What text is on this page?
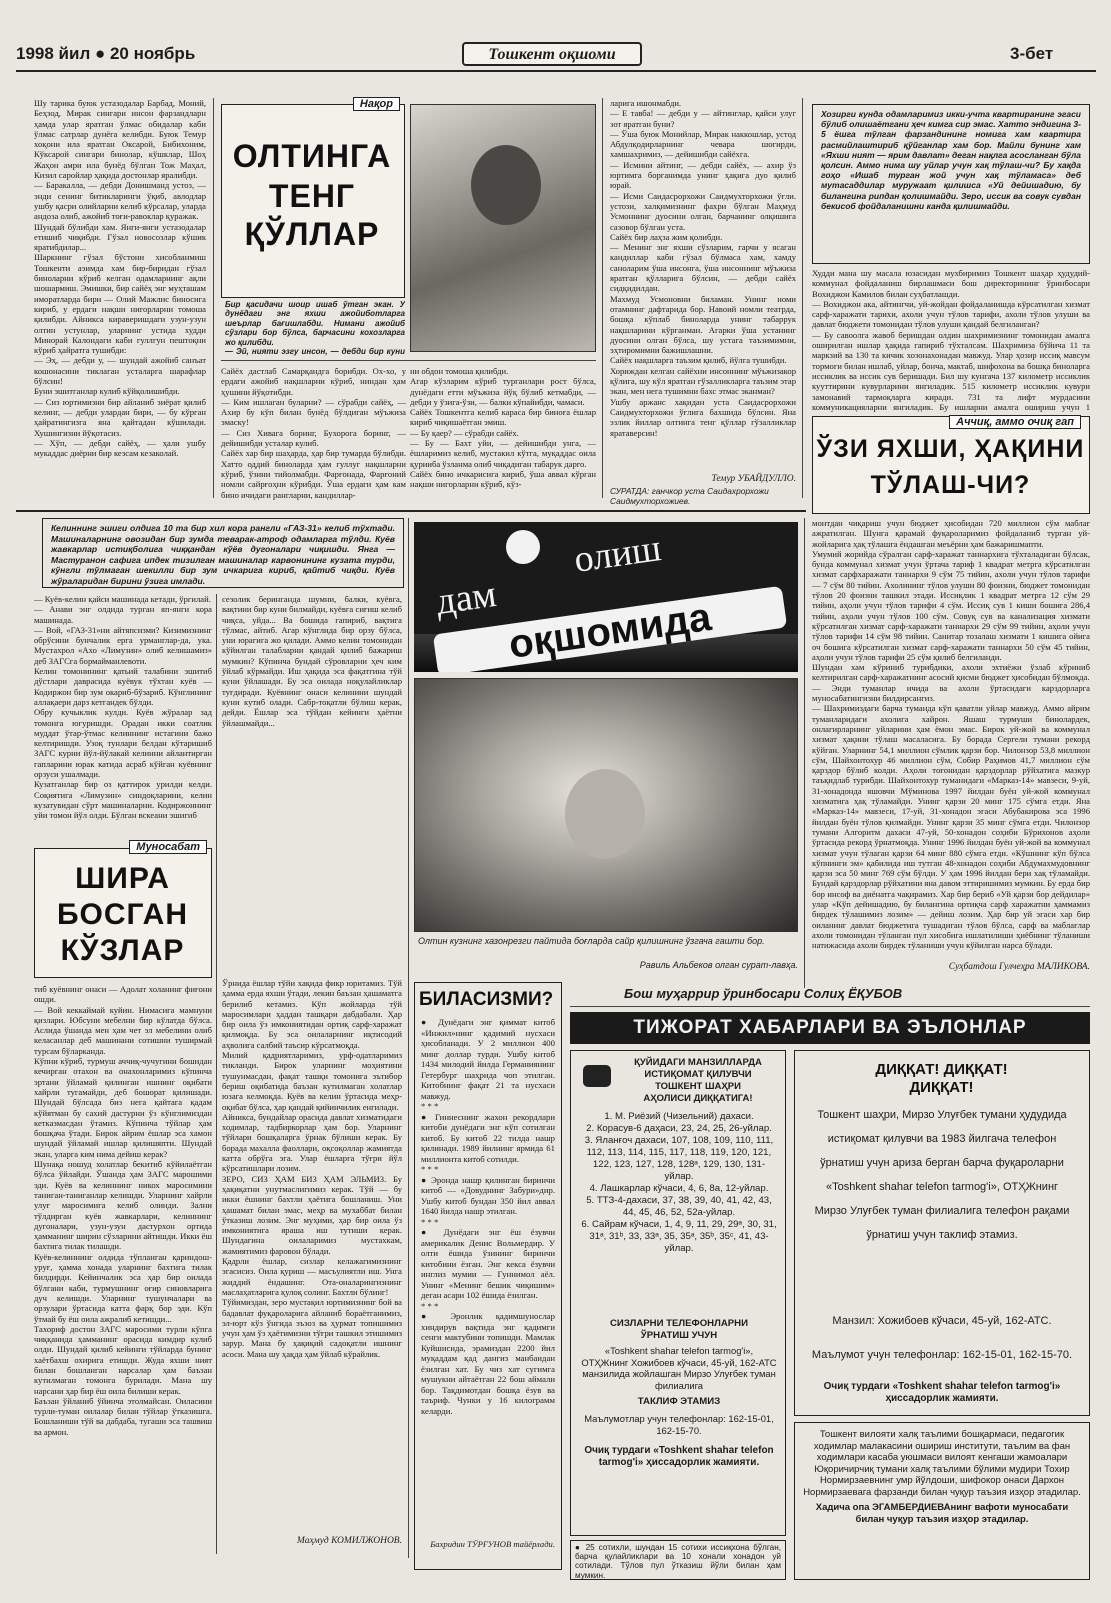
1998 йил ● 20 ноябрь	Тошкент оқшоми	3-бет
Шу тарика буюк устазодалар Барбад, Моний, Беҳзод, Мирак сингари инсон фарзандларн ҳамда улар яратган ўлмас обидалар каби ўлмас сатрлар дунёга келибди. Буюк Темур хоқони ила яратган Оксарой, Бибихоним, Кўксарой сингари бинолар, кўшклар, Шоҳ Жаҳон амри ила бунёд бўлган Тож Маҳал, Кизил саройлар ҳақида достонлар яралибди.
— Баракалла, — дебди Донишманд устоз, — энди сенинг битикларинги ўқиб, авлодлар ушбу қасри олийларни келиб кўрсалар, уларда андоза олиб, ажойиб тоғи-равоклар қуражак.
Шундай бўлибди хам. Янги-янги устазодалар етишиб чиқибди. Гўзал новосозлар кўшик яратибдилар...
Шаркнинг гўзал бўстони хисобланмиш Тошкенти аэимда хам бир-биридан гўзал биноларни кўриб келган одамларнинг ақли шошармиш. Эмишки, бир сайёҳ энг муҳташам иморатларда бири — Олий Мажлис биносига кириб, у ердаги нақши нигорларни томоша қилибди. Айникса кираверишдаги узун-узун олтин устунлар, уларнинг устида худди Минорай Калондаги каби гуллгун пештоқни кўриб ҳайратга тушибди:
— Эҳ, — дебди у, — шундай ажойиб санъат кошонасини тиклаган усталарга шарафлар бўлсин!
Буни эшитганлар кулиб кўйқолишибди.
— Сиз юртимизни бир айланиб зиёрат қилиб келинг, — дебди улардан бири, — бу кўрган ҳайратингизга яна қайтадан кўшилади. Хушингизни йўқотасиз.
— Хўп, — дебди сайёҳ, — ҳали ушбу мукаддас диёрни бир кезсам кезаколай.
Нақор
ОЛТИНГА
ТЕНГ ҚЎЛЛАР
Бир қасидачи шоир ишаб ўтган экан. У дунёдаги энг яхши ажойиботларга шеърлар бағишлабди. Нимани ажойиб сўзлари бор бўлса, барчасини кохозларга жо қилибди.
— Эй, нияти эзгу инсон, — дебди бир куни
Сайёх дастлаб Самарқандга борибди. Ох-хо, у ердаги ажойиб нақшларни кўриб, ниндан ҳам ҳушини йўқотибди.
— Ким ишлаган буларни? — сўрабди сайёҳ, — Ахир бу кўп билан бунёд бўлдиган мўъжиза эмаску!
— Сиз Хивага боринг, Бухорога боринг, — дейишибди усталар кулиб.
Сайёх хар бир шаҳарда, ҳар бир тумарда бўлибди. Хатто оддий биноларда ҳам гуллуг нақшларни кўриб, ўзини тийолмабди. Фарғонада, Фарғоний номли сайрғоҳни кўрибди. Ўша ердаги ҳам кам бино ичидаги рангларни, кандиллар-
ни обдон томоша қилибди.
Агар кўзларим кўриб турганлари рост бўлса, дунёдаги етти мўъжиза йўқ бўлиб кетмабди, — дебди у ўзига-ўзи, — балки кўпайибди, чамаси.
Сайёх Тошкентга келиб караса бир биноға ёшлар кириб чиқишаётган эмиш.
— Бу қаер? — сўрабди сайёх.
— Бу — Бахт уйи, — дейишибди унга, — ёшларимиз келиб, мустакил кўтга, муқаддас оила қурииба ўзланма олиб чиқадиган табарук дарго.
Сайёх бино ичкарисига кириб, ўша аввал кўрган нақши нигорларни кўриб, кўз-
ларига ишонмабди.
— Е тавба! — дебди у — айтинглар, қайси улуг зот яратган буни?
— Ўша буюк Монийлар, Мирак наккошлар, устод Абдулқодирларнинг чевара шогирди, хамшахримиз, — дейишибди сайёхга.
— Исмини айтинг, — дебди сайёх, — ахир ўз юртимга борганимда унинг ҳақига дуо қилиб юрай.
— Исми Саидасрорхожи Саидмухторхожи ўғли. устози, халқимизнинг фахри бўлган Маҳмуд Усмоннинг дуосини олган, барчанинг олқишига сазовор бўлган уста.
Сайёх бир лаҳза жим қолибди.
— Менинг энг яхши сўзларим, гарчи у ясаган кандиллар каби гўзал бўлмаса хам, хамду саноларим ўша инсонга, ўша инсоннинг мўъжиза яратган қўлларига бўлсин, — дебди сайёх сидқидилдан.
Махмуд Усмоновни биламан. Унинг номи отамнинг дафтарида бор. Навоий номли театрда, бошқа кўплаб биноларда унинг табаррук нақшларини кўрганман. Агарки ўша устанинг дуосини олган бўлса, шу устага таъзимимни, эҳтиромимни бажишлашни.
Сайёх нақшларга таъзим қилиб, йўлга тушибди.
Хориждан келган сайёхни инсоннинг мўъжизакор қўлига, шу кўл яратган гўзалликларга таъзим этар экан, мен нега тушимни бахс этмас эканман?
Ушбу аржанс хақидан уста Саидасрорхожи Саидмухторхожи ўғлига бахшида бўлсин. Яна эзлик йиллар олтинга тенг қўллар гўзалликлар яратаверсин!
Темур УБАЙДУЛЛО.
СУРАТДА: ганчкор уста Саидахрорхожи Саидмухторхожиев.
Хозирги кунда одамларимиз икки-учта квартиранинг эгаси бўлиб олишаётгани ҳеч кимга сир эмас. Хатто эндигина 3-5 ёшга тўлган фарзандининг номига хам квартира расмийлаштириб қўйганлар хам бор. Майли бунинг хам «Яхши ният — ярим давлат» деган нақлга асосланган бўла қолсин. Аммо нима шу уйлар учун хақ тўлаш-чи? Бу хақда гоҳо «Ишаб турган жой учун хақ тўламаса» деб мутасаддилар муружаат қилишса «Уй дейишадию, бу билангина рипдан қолишмайди. Зеро, иссик ва совук сувдан бекисоб фойдаланишни канда қилишмайди.
Худди мана шу масала юзасидан мухбиримиз Тошкент шаҳар ҳудудий-коммунал фойдаланиш бирлашмаси бош директорининг ўринбосари Вохиджон Камилов билан суҳбатлашди.
— Вохиджон ака, айтингчи, уй-жойдан фойдаланишда кўрсатилган хизмат сарф-харажати тарихи, ахоли учун тўлов тарифи, ахоли тўлов улуши ва давлат бюджети томонидан тўлов улуши қандай белгиланган?
— Бу савоолга жавоб беришдан олдин шахримизнинг томонидан амалга оширилган ишлар ҳақида гапириб тўхталсам. Шахримиза бўйича 11 та маркзий ва 130 та кичик хозонахонадан мавжуд. Улар ҳозир иссиқ мавсум тормоги билан ишлаб, уйлар, бонча, мактаб, шифохона ва бошқа биноларга иссиклик ва иссик сув беришади. Бил шу кунгача 137 километр иссиклик кууттирини кувурларини янгиладик. 515 километр иссиклик кувури замонавий тармоқларга киради. 731 та лифт мурдасини коммуникацияларни янгиладик. Бу ишларни амалга ошириш учун 1
Аччиқ, аммо очиқ гап
ЎЗИ ЯХШИ, ҲАҚИНИ
ТЎЛАШ-ЧИ?
Келиннинг эшиги олдига 10 та бир хил кора рангли «ГАЗ-31» келиб тўхтади. Машиналарнинг овозидан бир зумда теварак-атроф одамларга тўлди. Куёв жавкарлар истиқболига чиққандан кўёв дугоналари чиқишди. Янга — Мастуранон сафига ипдек тизилган машиналар карвонининг кузата турди, кўнгли тўлмаган шекилли бир зум ичкарига кириб, қайтиб чиқди. Куёв жўраларидан бирини ўзига имлади.
— Куёв-келин қайси машинада кетади, ўргилай.
— Анави энг олдида турган яп-янги кора машинада.
— Вой, «ГАЗ-31»ни айтяпсизми? Кизимизнинг обрўсини бунчалик ерга урманглар-да, ука. Мустахрол «Ахо «Лимузин» олиб келишамиз» деб ЗАГСга бормайманлевоти.
Келин томонининг қатьий талабини эшитиб дўстлари давраcида куёвук тўхтан куёв — Кодиржон бир зум окариб-бўзариб. Кўнглининг аллақаери дарз кетгандек бўлди.
Обру кучыклик кулди. Куёв жўралар зад томонга югуришди. Орадан икки соатлик муддат ўтар-ўтмас келиннинг истагини бажо келтиришди. Узоқ тунлари белдан кўтаришиб ЗАГС курни йўл-йўлакай келинни айлантирган гапларини юрак катида асраб кўйган куёвнинг орзуси ушалмади.
Кузатганлар бир оз қаттирок урилди келди. Соқиятига «Лимузин» синдоқларини, келин кузатувидан сўрт машиналарни. Кодиржоннинг уйи томон йўл олди. Бўлган вскеани эшигиб
сезолик беринганда шумни, балки, куёвга, вақтини бир куни билмайди, куёвга сиғиш келиб чиқса, уйда... Ва бошида гапириб, вақтига тўлмас, айтиб. Агар кўнглида бир орзу бўлса, уни юрагига жо қилади. Аммо келин томонидан кўйилган талабларни қандай қилиб бажариш мумкин? Кўпинча бундай сўровларни ҳеч ким ўйлаб кўрмайди. Иш ҳақида эса фақатгина тўй куни ўйлашади. Бу эса оилада ноқулайликлар туғдиради. Куёвнинг онаси келинини шундай куни кутиб олади. Сабр-тоқатли бўлиш керак, дейди. Ёшлар эса тўйдан кейинги ҳаётни ўйлашмайди...
Муносабат
ШИРА
БОСГАН
КЎЗЛАР
тиб куёвнинг онаси — Адолат холанинг фиғони ошди.
— Вой кеккаймай куйин. Нимасига мамнуни қизлари. Юбсуни мебелни бир кўлатда бўлса. Аслида ўшанда мен ҳам чет эл мебелини олиб келасанлар деб машинани сотишни туширмай турсам бўларканда.
Кўпни кўриб, турмуш аччиқ-чучугини бошидан кечирган отахон ва онахонларимиз кўпинча эртани ўйламай қилинган ишнинг оқибати хайрли тугамайди, деб бошорат қилишади. Шундай бўлсада биз нега қайтага қадам кўйятман бу сахий дастурни ўз кўнглимиздан кетказмасдан ўтамиз. Кўпинча тўйлар ҳам бошқача ўтади. Бирок айрим ёшлар эса хамон шундай ўйламай ишлар қилишяпти. Шундай экан, уларга ким нима дейиш керак?
Шунақа ношуд холатлар бекитиб кўйилаётган бўлса ўйлайди. Ўшанда ҳам ЗАГС марошими эди. Куёв ва келиннинг никох маросимини таниган-таниганлар келишди. Уларнинг хайрли улуғ маросимига келиб олинди. Зални тўлдирган куёв жавкарлари, келиннинг дугоналари, узун-узун дастурхон ортида ҳамманинг ширин сўзларини айтишди. Икки ёш бахтига тилак тилашди.
Куёв-келиннинг олдида тўпланган қариндош-уруғ, ҳамма хонада уларнинг бахтига тилак билдирди. Кейинчалик эса ҳар бир оилада бўлгани каби, турмушнинг оғир синовларига дуч келишди. Уларнинг тушунчалари ва орзулари ўртасида катта фарқ бор эди. Кўп ўтмай бу ёш оила ажралиб кетишди...
Тахориф достон ЗАГС маросими турли кўпга чиққанида ҳамманинг орасида кимдир кулиб олди. Шундай қилиб кейинги тўйларда бунинг хаётбахш охирига етишди. Жуда яхши ният билан бошланган нарсалар ҳам баъзан кутилмаган томонга бурилади. Мана шу нарсани ҳар бир ёш оила билиши керак.
Баъзан ўйланиб ўйинча этолмайсан. Оиласини турли-туман оилалар билан тўйлар ўтказишга. Бошланиши тўй ва дабдаба, тугаши эса ташвиш ва армон.
Ўрнида ёшлар тўйи хақида фикр юритамиз. Тўй ҳамма ерда яхши ўтади, лекин баъзан ҳашаматга берилиб кетамиз. Кўп жойларда тўй маросимлари ҳаддан ташқари дабдабали. Ҳар бир оила ўз имкониятидан ортиқ сарф-харажат қилмоқда. Бу эса оилаларнинг иқтисодий аҳволига салбий таъсир кўрсатмоқда.
Милий қадриятларимиз, урф-одатларимиз тикланди. Бирок уларнинг моҳиятини тушунмасдан, фақат ташқи томонига эътибор бериш оқибатида баъзан кутилмаган холатлар юзага келмоқда. Куёв ва келин ўртасида меҳр-оқибат бўлса, ҳар қандай қийинчилик енгилади.
Айникса, бундайлар орасида давлат хизматидаги ходимлар, тадбиркорлар ҳам бор. Уларнинг тўйлари бошқаларга ўрнак бўлиши керак. Бу борада махалла фаоллари, оқсоқоллар жамиятда катта обрўга эга. Улар ёшларга тўғри йўл кўрсатишлари лозим.
ЗЕРО, СИЗ ҲАМ БИЗ ҲАМ ЭЛЬМИЗ. Бу ҳақиқатни унутмаслигимиз керак. Тўй — бу икки ёшнинг бахтли ҳаётига бошланиш. Уни ҳашамат билан эмас, меҳр ва мухаббат билан ўтказиш лозим. Энг муҳими, ҳар бир оила ўз имкониятига яраша иш тутиши керак. Шундагина оилаларимиз мустахкам, жамиятимиз фаровон бўлади.
Қадрли ёшлар, сизлар келажагимизнинг эгасисиз. Оила қуриш — масъулиятли иш. Унга жиддий ёндашинг. Ота-оналарингизнинг маслаҳатларига қулоқ солинг. Бахтли бўлинг!
Тўйимиздан, зеро мустақил юртимизнинг бой ва бадавлат фуқароларига айланиб бораётганимиз, эл-юрт кўз ўнгида эъзоз ва ҳурмат топишимиз учун ҳам ўз ҳаётимизни тўғри ташкил этишимиз зарур. Мана бу ҳақиқий садоқатли ишнинг асоси. Мана шу ҳақда ҳам ўйлаб кўрайлик.
Маҳмуд КОМИЛЖОНОВ.
дам
олиш
оқшомида
Олтин кузнинг хазонрезги пайтида боғларда сайр қилишнинг ўзгача гашти бор.
Равиль Альбеков олган сурат-лавҳа.
монтдан чиқариш учун бюджет ҳисобидан 720 миллион сўм маблағ ажратилган. Шунга қарамай фуқароларимиз фойдаланиб турган уй-жойларига ҳақ тўлашга ёндашган меъёрни ҳам бажаришмапти.
Умумий жорийда сўралган сарф-харажат таннархига тўхталадиган бўлсак, бунда коммунал хизмат учун ўртача тариф 1 квадрат метрга кўрсатилган хизмат сарфхаражати таннархи 9 сўм 75 тийин, ахоли учун тўлов тарифи — 7 сўм 80 тийин. Ахолининг тўлов улуши 80 фоизни, бюджет томонидан тўлов 20 фоизни ташкил этади. Иссиқлик 1 квадрат метрга 12 сўм 29 тийин, аҳоли учун тўлов тарифи 4 сўм. Иссиқ сув 1 киши бошига 286,4 тийин, аҳоли учун тўлов 100 сўм. Совуқ сув ва канализация хизмати кўрсатилган хизмат сарф-харажати таннархи 29 сўм 99 тийин, аҳоли учун тўлов тарифи 14 сўм 98 тийин. Санитар тозалаш хизмати 1 кишига ойига оч бошига кўрсатилган хизмат сарф-харажати таннархи 50 сўм 45 тийин, аҳоли учун тўлов тарифи 25 сўм қилиб белгиланди.
Шундан хам кўриниб турибдики, ахоли эхтиёжи ўзлаб кўриниб келтирилган сарф-харажатнинг асосий қисми бюджет ҳисобидан бўлмоқда.
— Энди туманлар ичида ва ахоли ўртасидаги карздорларга муносабатингизни билдирсангиз.
— Шахримиздаги барча туманда кўп қаватли уйлар мавжуд. Аммо айрим туманларидаги ахолига хайрон. Яшаш турмуши бинолардек, онлагирларнинг уйларини ҳам ёмон эмас. Бирок уй-жой ва коммунал хизмат ҳақини тўлаш масаласига. Бу борада Сергели тумани рекорд кўйган. Уларнинг 54,1 миллион сўмлик қарзи бор. Чилонзор 53,8 миллион сўм, Шайхонтохур 46 миллион сўм, Собир Раҳимов 41,7 миллион сўм қарздор бўлиб колди. Аҳоли тоғонидан қарздорлар рўйхатига мазкур таъқидлаб турибди. Шайхонтохур туманидаги «Марказ-14» мавзеси, 9-уй, 31-хонадонда яшовчи Мўминова 1997 йилдан буён уй-жой коммунал хизматига ҳақ тўламайди. Унинг қарзи 20 минг 175 сўмга етди. Яна «Марказ-14» мавзеси, 17-уй, 31-хонадон эгаси Абубакирова эса 1996 йилдан буён тўлов қилмайди. Унинг қарзи 35 минг сўмга етди. Чилонзор тумани Алгоритм дахаси 47-уй, 50-хонадон соҳиби Бўрихонов аҳоли ўртасида рекорд ўрнатмоқда. Унинг 1996 йилдан буён уй-жой ва коммунал хизмат учун тўлаган қарзи 64 минг 880 сўмга етди. «Кўшнинг кўп бўлса кўпнинги эм» қабилида иш тутган 48-хонадон соҳиби Абдумахмудовнинг қарзи эса 50 минг 769 сўм бўлди. У ҳам 1996 йилдан бери хақ тўламайди. Бундай қарздорлар рўйхатини яна давом эттиришимиз мумкин. Бу ерда бир бор инсоф ва диёнатга чақирамиз. Хар бир бериб «Уй қарзи бор дейдилар» улар «Кўп дейишадию, бу билангина ортиқча сарф харажатни ҳаммамиз бирдек тўлашимиз лозим» — дейиш лозим. Ҳар бир уй эгаси хар бир оиланинг давлат бюджетига тушадиган тўлов бўлса, сарф ва маблағлар ахоли томонидан тўланган пул хисобига ишлатилиши ҳиёбнинг тўланиши натижасида ахоли бирдек тўланиши учун кўйилган нарса бўлади.
Суҳбатдош Гулчеҳра МАЛИКОВА.
БИЛАСИЗМИ?
● Дунёдаги энг қиммат китоб «Инжил»нинг қадимий нусхаси ҳисобланади. У 2 миллион 400 минг доллар турди. Ушбу китоб 1434 милодий йилда Германиянинг Гетербург шаҳрида чоп этилган. Китобнинг фақат 21 та нусхаси мавжуд.
* * *
● Гиннеснинг жахон рекордлари китоби дунёдаги энг кўп сотилган китоб. Бу китоб 22 тилда нашр қилинади. 1989 йилнинг ярмида 61 миллионта китоб сотилди.
* * *
● Эронда нашр қилинган биринчи китоб — «Довуднинг Забури»дир. Ушбу китоб бундан 350 йил аввал 1640 йилда нашр этилган.
* * *
● Дунёдаги энг ёш ёзувчи америкалик Денис Вольмердир. У олти ёшида ўзининг биринчи китобини ёзган. Энг кекса ёзувчи инглиз мумии — Гуннимол аёл. Унинг «Менинг бешик чиқишим» деган асари 102 ёшида ёзилган.
* * *
● Эронлик қадимшунослар хиндирув вақтида энг қадимги сенги мактубини топишди. Мамлак Куйшисида, эрамиздан 2200 йил муқаддам қад дангиз манбаидан ёзилган хат. Бу чиз хат сугимга мушукни айтаётган 22 бош аймали бор. Тақдимотдан бошқа ёзув ва таъриф. Чунки у 16 килограмм келарди.
Бахридин ТЎРҒУНОВ тайёрлади.
Бош муҳаррир ўринбосари Солиҳ ЁҚУБОВ
ТИЖОРАТ ХАБАРЛАРИ ВА ЭЪЛОНЛАР
ҚУЙИДАГИ МАНЗИЛЛАРДА
ИСТИҚОМАТ ҚИЛУВЧИ
ТОШКЕНТ ШАҲРИ
АҲОЛИСИ ДИҚҚАТИГА!
1. М. Риёзий (Чизельний) дахаси.
2. Корасув-6 даҳаси, 23, 24, 25, 26-уйлар.
3. Яланғоч дахаси, 107, 108, 109, 110, 111, 112, 113, 114, 115, 117, 118, 119, 120, 121, 122, 123, 127, 128, 128ᵃ, 129, 130, 131-уйлар.
4. Лашкарлар кўчаси, 4, 6, 8а, 12-уйлар.
5. ТТЗ-4-дахаси, 37, 38, 39, 40, 41, 42, 43, 44, 45, 46, 52, 52а-уйлар.
6. Сайрам кўчаси, 1, 4, 9, 11, 29, 29ᵃ, 30, 31, 31ᵃ, 31ᵇ, 33, 33ᵃ, 35, 35ᵃ, 35ᵇ, 35ᶜ, 41, 43-уйлар.
СИЗЛАРНИ ТЕЛЕФОНЛАРНИ
ЎРНАТИШ УЧУН
«Toshkent shahar telefon tarmog'i», ОТҲЖнинг Хожибоев кўчаси, 45-уй, 162-АТС манзилида жойлашган Мирзо Улуғбек туман филиалига
ТАКЛИФ ЭТАМИЗ
Маълумотлар учун телефонлар: 162-15-01, 162-15-70.
Очиқ турдаги «Toshkent shahar telefon tarmog'i» ҳиссадорлик жамияти.
ДИҚҚАТ! ДИҚҚАТ!
ДИҚҚАТ!
Тошкент шаҳри, Мирзо Улуғбек тумани ҳудудида истиқомат қилувчи ва 1983 йилгача телефон ўрнатиш учун ариза берган барча фуқароларни «Toshkent shahar telefon tarmog'i», ОТҲЖнинг Мирзо Улуғбек туман филиалига телефон рақами ўрнатиш учун таклиф этамиз.
Манзил: Хожибоев кўчаси, 45-уй, 162-АТС.
Маълумот учун телефонлар: 162-15-01, 162-15-70.
Очиқ турдаги «Toshkent shahar telefon tarmog'i» ҳиссадорлик жамияти.
● 25 сотихли, шундан 15 сотихи иссиқхона бўлган, барча қулайликлари ва 10 хонали хонадон уй сотилади. Тўлов пул ўтказиш йўли билан ҳам мумкин.

Тошкент вилояти халқ таълими бошқармаси, педагогик ходимлар малакасини ошириш институти, таълим ва фан ходимлари касаба уюшмаси вилоят кенгаши жамоалари Юқоричирчиқ тумани халқ таълими бўлими мудири Тохир Нормирзаевнинг умр йўлдоши, шифокор онаси Дархон Нормирзаевага фарзанди билан чуқур таъзия изҳор этадилар.
Хадича опа ЭГАМБЕРДИЕВАнинг вафоти муносабати билан чуқур таъзия изҳор этадилар.
